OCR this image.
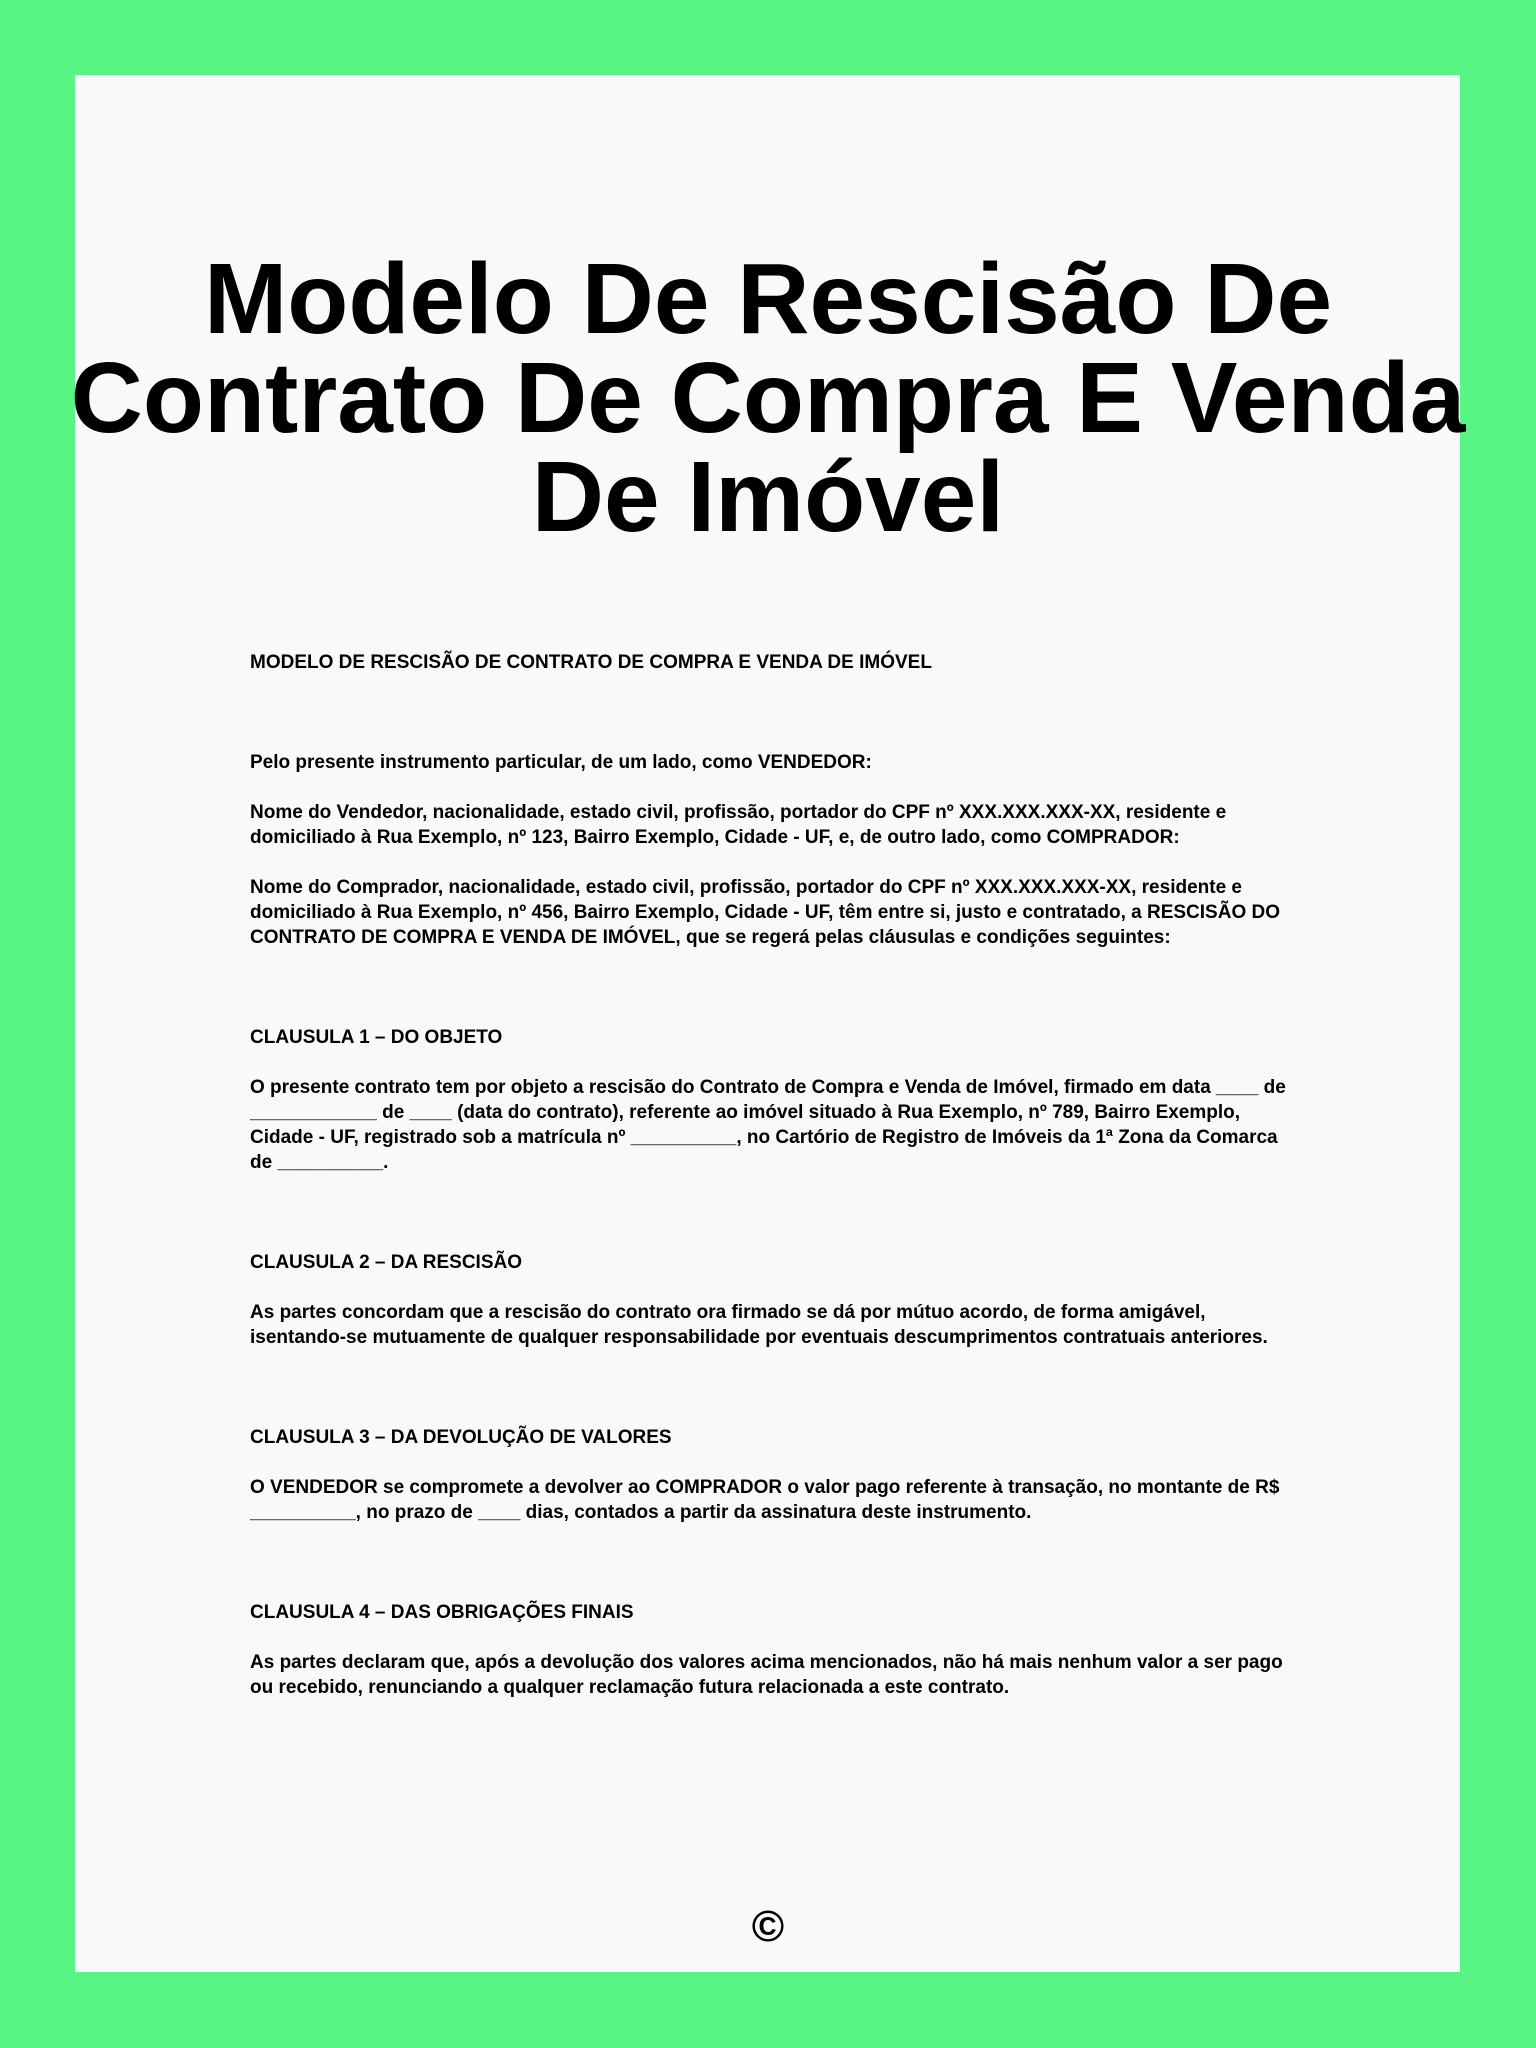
Modelo De Rescisão De Contrato De Compra E Venda De Imóvel

MODELO DE RESCISÃO DE CONTRATO DE COMPRA E VENDA DE IMÓVEL

Pelo presente instrumento particular, de um lado, como VENDEDOR:

Nome do Vendedor, nacionalidade, estado civil, profissão, portador do CPF nº XXX.XXX.XXX-XX, residente e domiciliado à Rua Exemplo, nº 123, Bairro Exemplo, Cidade - UF, e, de outro lado, como COMPRADOR:

Nome do Comprador, nacionalidade, estado civil, profissão, portador do CPF nº XXX.XXX.XXX-XX, residente e domiciliado à Rua Exemplo, nº 456, Bairro Exemplo, Cidade - UF, têm entre si, justo e contratado, a RESCISÃO DO CONTRATO DE COMPRA E VENDA DE IMÓVEL, que se regerá pelas cláusulas e condições seguintes:

CLAUSULA 1 – DO OBJETO

O presente contrato tem por objeto a rescisão do Contrato de Compra e Venda de Imóvel, firmado em data ____ de ____________ de ____ (data do contrato), referente ao imóvel situado à Rua Exemplo, nº 789, Bairro Exemplo, Cidade - UF, registrado sob a matrícula nº __________, no Cartório de Registro de Imóveis da 1ª Zona da Comarca de __________.

CLAUSULA 2 – DA RESCISÃO

As partes concordam que a rescisão do contrato ora firmado se dá por mútuo acordo, de forma amigável, isentando-se mutuamente de qualquer responsabilidade por eventuais descumprimentos contratuais anteriores.

CLAUSULA 3 – DA DEVOLUÇÃO DE VALORES

O VENDEDOR se compromete a devolver ao COMPRADOR o valor pago referente à transação, no montante de R$ __________, no prazo de ____ dias, contados a partir da assinatura deste instrumento.

CLAUSULA 4 – DAS OBRIGAÇÕES FINAIS

As partes declaram que, após a devolução dos valores acima mencionados, não há mais nenhum valor a ser pago ou recebido, renunciando a qualquer reclamação futura relacionada a este contrato.

©
